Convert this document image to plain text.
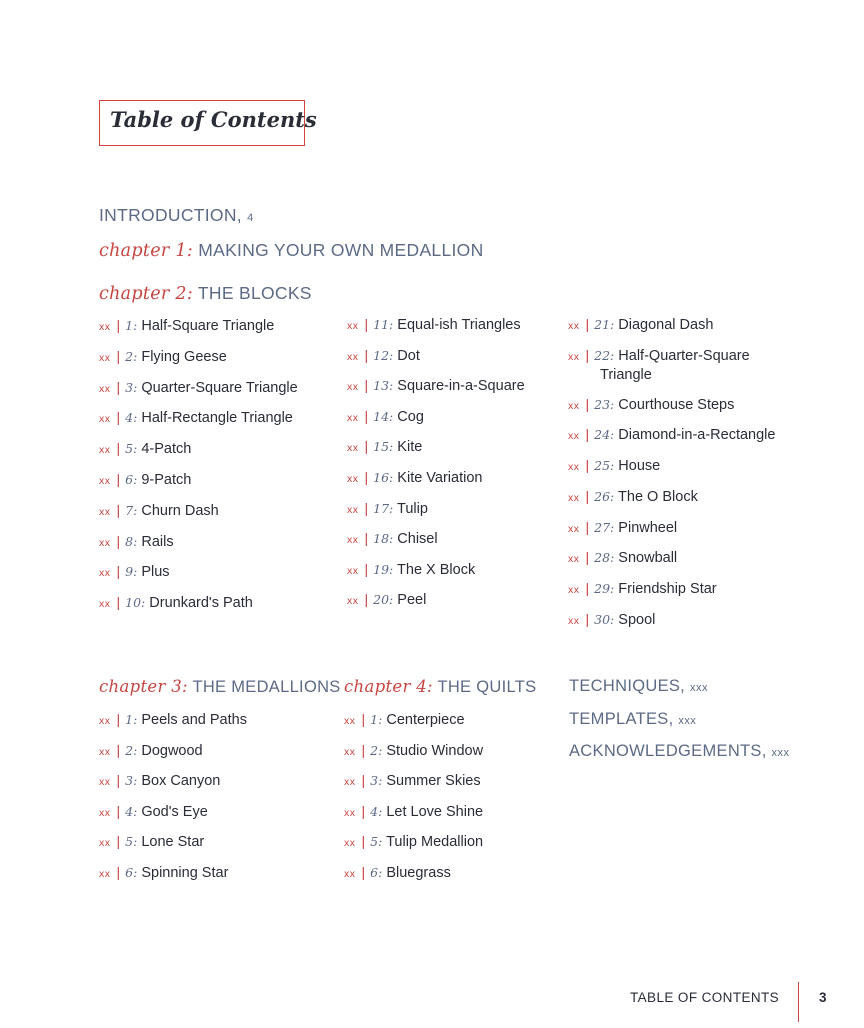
Table of Contents
INTRODUCTION, 4
chapter 1: MAKING YOUR OWN MEDALLION
chapter 2: THE BLOCKS
chapter 3: THE MEDALLIONS chapter 4: THE QUILTS
xx | 1: Half-Square Triangle
xx | 2: Flying Geese
xx | 3: Quarter-Square Triangle
xx | 4: Half-Rectangle Triangle
xx | 5: 4-Patch
xx | 6: 9-Patch
xx | 7: Churn Dash
xx | 8: Rails
xx | 9: Plus
xx | 10: Drunkard's Path
xx | 11: Equal-ish Triangles
xx | 12: Dot
xx | 13: Square-in-a-Square
xx | 14: Cog
xx | 15: Kite
xx | 16: Kite Variation
xx | 17: Tulip
xx | 18: Chisel
xx | 19: The X Block
xx | 20: Peel
xx | 21: Diagonal Dash
xx | 22: Half-Quarter-Square
Triangle
xx | 23: Courthouse Steps
xx | 24: Diamond-in-a-Rectangle
xx | 25: House
xx | 26: The O Block
xx | 27: Pinwheel
xx | 28: Snowball
xx | 29: Friendship Star
xx | 30: Spool
xx | 1: Peels and Paths
xx | 2: Dogwood
xx | 3: Box Canyon
xx | 4: God's Eye
xx | 5: Lone Star
xx | 6: Spinning Star
xx | 1: Centerpiece
xx | 2: Studio Window
xx | 3: Summer Skies
xx | 4: Let Love Shine
xx | 5: Tulip Medallion
xx | 6: Bluegrass
TECHNIQUES, xxx
TEMPLATES, xxx
ACKNOWLEDGEMENTS, xxx
TABLE OF CONTENTS	3
